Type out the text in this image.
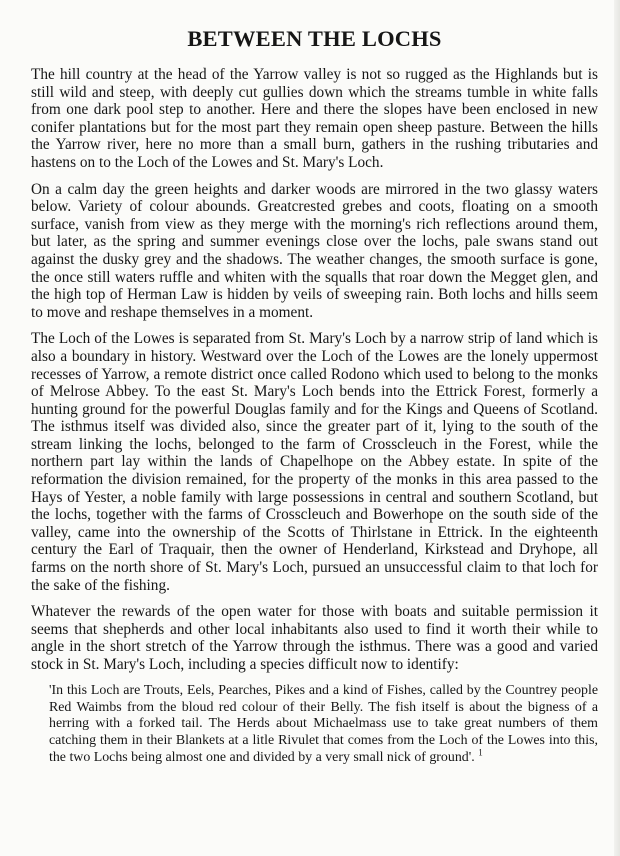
BETWEEN THE LOCHS

The hill country at the head of the Yarrow valley is not so rugged as the Highlands but is still wild and steep, with deeply cut gullies down which the streams tumble in white falls from one dark pool step to another. Here and there the slopes have been enclosed in new conifer plantations but for the most part they remain open sheep pasture. Between the hills the Yarrow river, here no more than a small burn, gathers in the rushing tributaries and hastens on to the Loch of the Lowes and St. Mary's Loch.

On a calm day the green heights and darker woods are mirrored in the two glassy waters below. Variety of colour abounds. Greatcrested grebes and coots, floating on a smooth surface, vanish from view as they merge with the morning's rich reflections around them, but later, as the spring and summer evenings close over the lochs, pale swans stand out against the dusky grey and the shadows. The weather changes, the smooth surface is gone, the once still waters ruffle and whiten with the squalls that roar down the Megget glen, and the high top of Herman Law is hidden by veils of sweeping rain. Both lochs and hills seem to move and reshape themselves in a moment.

The Loch of the Lowes is separated from St. Mary's Loch by a narrow strip of land which is also a boundary in history. Westward over the Loch of the Lowes are the lonely uppermost recesses of Yarrow, a remote district once called Rodono which used to belong to the monks of Melrose Abbey. To the east St. Mary's Loch bends into the Ettrick Forest, formerly a hunting ground for the powerful Douglas family and for the Kings and Queens of Scotland. The isthmus itself was divided also, since the greater part of it, lying to the south of the stream linking the lochs, belonged to the farm of Crosscleuch in the Forest, while the northern part lay within the lands of Chapelhope on the Abbey estate. In spite of the reformation the division remained, for the property of the monks in this area passed to the Hays of Yester, a noble family with large possessions in central and southern Scotland, but the lochs, together with the farms of Crosscleuch and Bowerhope on the south side of the valley, came into the ownership of the Scotts of Thirlstane in Ettrick. In the eighteenth century the Earl of Traquair, then the owner of Henderland, Kirkstead and Dryhope, all farms on the north shore of St. Mary's Loch, pursued an unsuccessful claim to that loch for the sake of the fishing.

Whatever the rewards of the open water for those with boats and suitable permission it seems that shepherds and other local inhabitants also used to find it worth their while to angle in the short stretch of the Yarrow through the isthmus. There was a good and varied stock in St. Mary's Loch, including a species difficult now to identify:

'In this Loch are Trouts, Eels, Pearches, Pikes and a kind of Fishes, called by the Countrey people Red Waimbs from the bloud red colour of their Belly. The fish itself is about the bigness of a herring with a forked tail. The Herds about Michaelmass use to take great numbers of them catching them in their Blankets at a litle Rivulet that comes from the Loch of the Lowes into this, the two Lochs being almost one and divided by a very small nick of ground'. $^1$
